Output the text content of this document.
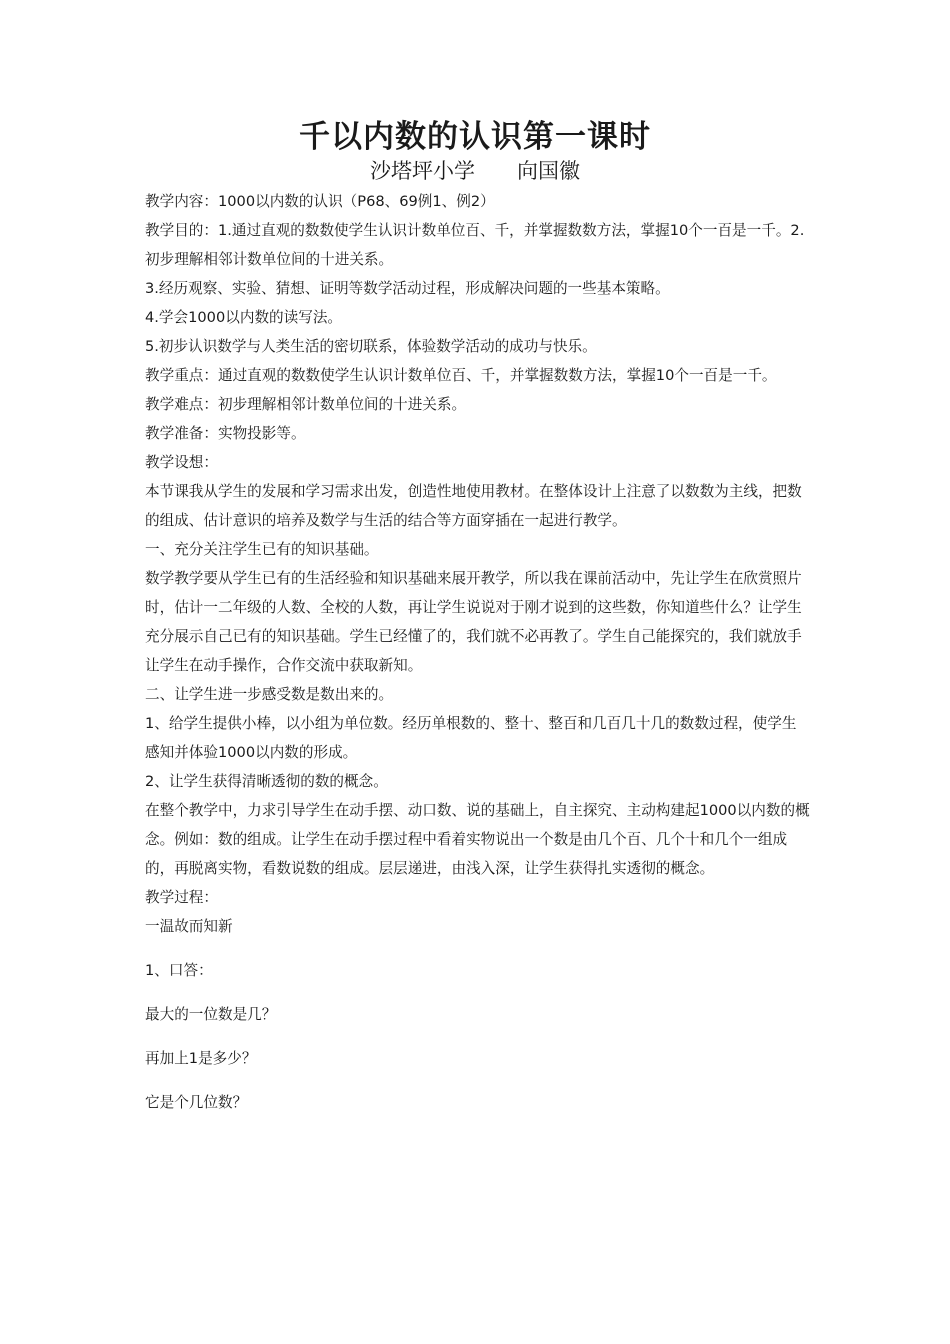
千以内数的认识第一课时
沙塔坪小学　　向国徽

教学内容：1000以内数的认识（P68、69例1、例2）

教学目的：1.通过直观的数数使学生认识计数单位百、千，并掌握数数方法，掌握10个一百是一千。2.初步理解相邻计数单位间的十进关系。

3.经历观察、实验、猜想、证明等数学活动过程，形成解决问题的一些基本策略。

4.学会1000以内数的读写法。

5.初步认识数学与人类生活的密切联系，体验数学活动的成功与快乐。

教学重点：通过直观的数数使学生认识计数单位百、千，并掌握数数方法，掌握10个一百是一千。

教学难点：初步理解相邻计数单位间的十进关系。

教学准备：实物投影等。

教学设想：

本节课我从学生的发展和学习需求出发，创造性地使用教材。在整体设计上注意了以数数为主线，把数的组成、估计意识的培养及数学与生活的结合等方面穿插在一起进行教学。

一、充分关注学生已有的知识基础。

数学教学要从学生已有的生活经验和知识基础来展开教学，所以我在课前活动中，先让学生在欣赏照片时，估计一二年级的人数、全校的人数，再让学生说说对于刚才说到的这些数，你知道些什么？让学生充分展示自己已有的知识基础。学生已经懂了的，我们就不必再教了。学生自己能探究的，我们就放手让学生在动手操作，合作交流中获取新知。

二、让学生进一步感受数是数出来的。

1、给学生提供小棒，以小组为单位数。经历单根数的、整十、整百和几百几十几的数数过程，使学生感知并体验1000以内数的形成。

2、让学生获得清晰透彻的数的概念。

在整个教学中，力求引导学生在动手摆、动口数、说的基础上，自主探究、主动构建起1000以内数的概念。例如：数的组成。让学生在动手摆过程中看着实物说出一个数是由几个百、几个十和几个一组成的，再脱离实物，看数说数的组成。层层递进，由浅入深，让学生获得扎实透彻的概念。

教学过程：

一温故而知新

1、口答：

最大的一位数是几？

再加上1是多少？

它是个几位数？
